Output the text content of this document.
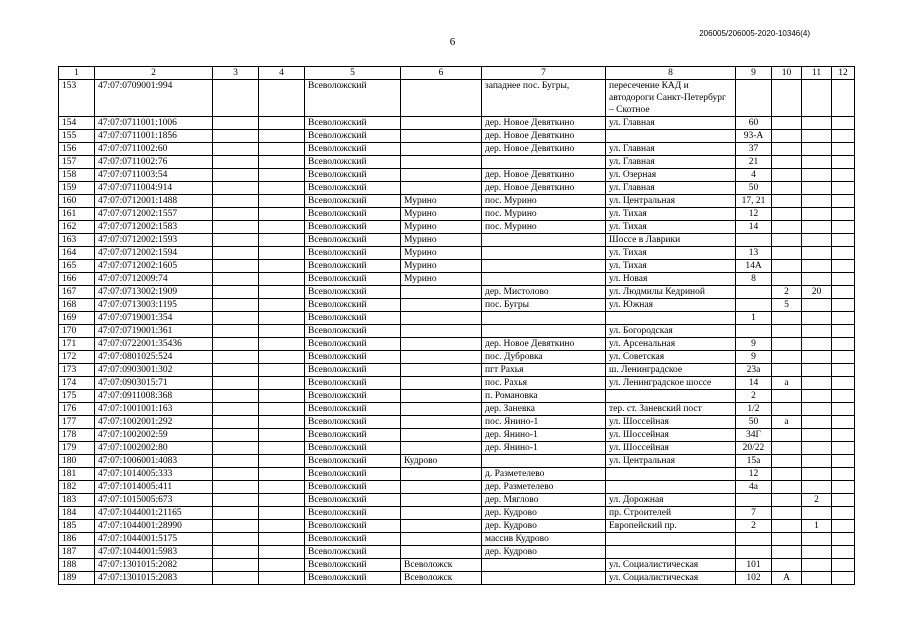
206005/206005-2020-10346(4)
6
1	2	3	4	5	6	7	8	9	10	11	12
153	47:07:0709001:994			Всеволожский		западнее пос. Бугры,	пересечение КАД и автодороги Санкт-Петербург – Скотное				
154	47:07:0711001:1006			Всеволожский		дер. Новое Девяткино	ул. Главная	60			
155	47:07:0711001:1856			Всеволожский		дер. Новое Девяткино		93-А			
156	47:07:0711002:60			Всеволожский		дер. Новое Девяткино	ул. Главная	37			
157	47:07:0711002:76			Всеволожский			ул. Главная	21			
158	47:07:0711003:54			Всеволожский		дер. Новое Девяткино	ул. Озерная	4			
159	47:07:0711004:914			Всеволожский		дер. Новое Девяткино	ул. Главная	50			
160	47:07:0712001:1488			Всеволожский	Мурино	пос. Мурино	ул. Центральная	17, 21			
161	47:07:0712002:1557			Всеволожский	Мурино	пос. Мурино	ул. Тихая	12			
162	47:07:0712002:1583			Всеволожский	Мурино	пос. Мурино	ул. Тихая	14			
163	47:07:0712002:1593			Всеволожский	Мурино		Шоссе в Лаврики				
164	47:07:0712002:1594			Всеволожский	Мурино		ул. Тихая	13			
165	47:07:0712002:1605			Всеволожский	Мурино		ул. Тихая	14А			
166	47:07:0712009:74			Всеволожский	Мурино		ул. Новая	8			
167	47:07:0713002:1909			Всеволожский		дер. Мистолово	ул. Людмилы Кедриной		2	20	
168	47:07:0713003:1195			Всеволожский		пос. Бугры	ул. Южная		5		
169	47:07:0719001:354			Всеволожский				1			
170	47:07:0719001:361			Всеволожский			ул. Богородская				
171	47:07:0722001:35436			Всеволожский		дер. Новое Девяткино	ул. Арсенальная	9			
172	47:07:0801025:524			Всеволожский		пос. Дубровка	ул. Советская	9			
173	47:07:0903001:302			Всеволожский		пгт Рахья	ш. Ленинградское	23а			
174	47:07:0903015:71			Всеволожский		пос. Рахья	ул. Ленинградское шоссе	14	а		
175	47:07:0911008:368			Всеволожский		п. Романовка		2			
176	47:07:1001001:163			Всеволожский		дер. Заневка	тер. ст. Заневский пост	1/2			
177	47:07:1002001:292			Всеволожский		пос. Янино-1	ул. Шоссейная	50	а		
178	47:07:1002002:59			Всеволожский		дер. Янино-1	ул. Шоссейная	34Г			
179	47:07:1002002:80			Всеволожский		дер. Янино-1	ул. Шоссейная	20/22			
180	47:07:1006001:4083			Всеволожский	Кудрово		ул. Центральная	15а			
181	47:07:1014005:333			Всеволожский		д. Разметелево		12			
182	47:07:1014005:411			Всеволожский		дер. Разметелево		4а			
183	47:07:1015005:673			Всеволожский		дер. Мяглово	ул. Дорожная			2	
184	47:07:1044001:21165			Всеволожский		дер. Кудрово	пр. Строителей	7			
185	47:07:1044001:28990			Всеволожский		дер. Кудрово	Европейский пр.	2		1	
186	47:07:1044001:5175			Всеволожский		массив Кудрово					
187	47:07:1044001:5983			Всеволожский		дер. Кудрово					
188	47:07:1301015:2082			Всеволожский	Всеволожск		ул. Социалистическая	101			
189	47:07:1301015:2083			Всеволожский	Всеволожск		ул. Социалистическая	102	А		
